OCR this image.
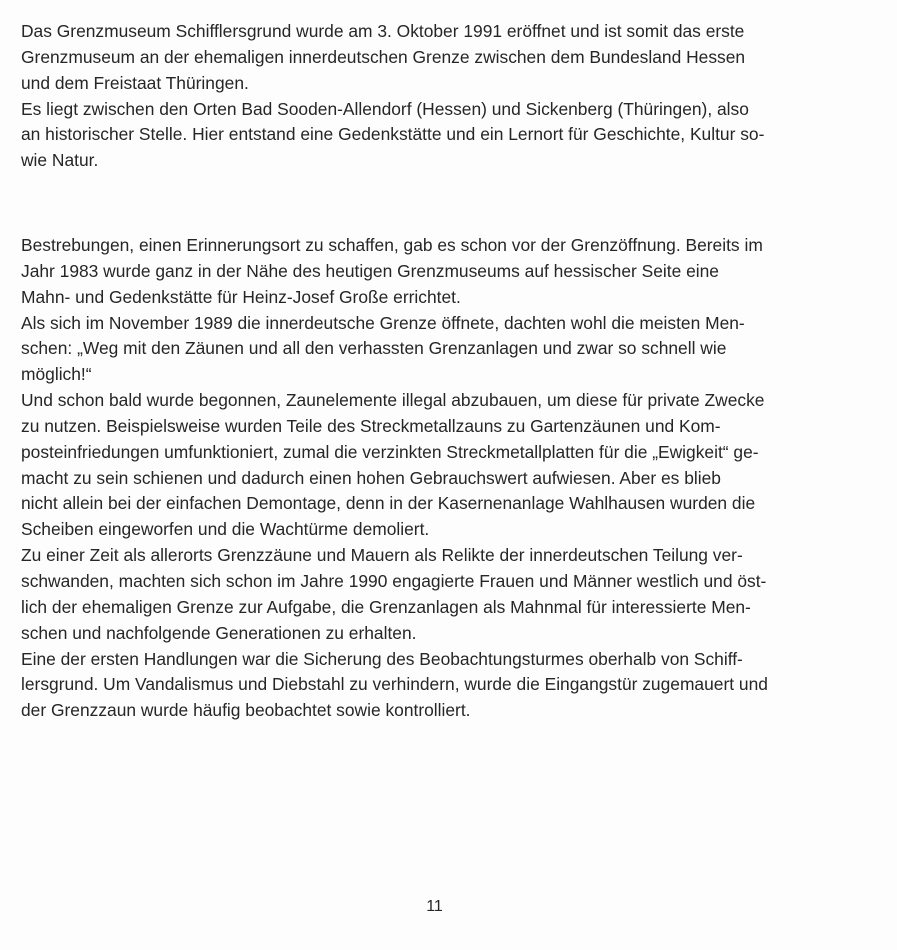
Das Grenzmuseum Schifflersgrund wurde am 3. Oktober 1991 eröffnet und ist somit das erste
Grenzmuseum an der ehemaligen innerdeutschen Grenze zwischen dem Bundesland Hessen
und dem Freistaat Thüringen.
Es liegt zwischen den Orten Bad Sooden-Allendorf (Hessen) und Sickenberg (Thüringen), also
an historischer Stelle. Hier entstand eine Gedenkstätte und ein Lernort für Geschichte, Kultur so-
wie Natur.
Bestrebungen, einen Erinnerungsort zu schaffen, gab es schon vor der Grenzöffnung. Bereits im
Jahr 1983 wurde ganz in der Nähe des heutigen Grenzmuseums auf hessischer Seite eine
Mahn- und Gedenkstätte für Heinz-Josef Große errichtet.
Als sich im November 1989 die innerdeutsche Grenze öffnete, dachten wohl die meisten Men-
schen: „Weg mit den Zäunen und all den verhassten Grenzanlagen und zwar so schnell wie
möglich!“
Und schon bald wurde begonnen, Zaunelemente illegal abzubauen, um diese für private Zwecke
zu nutzen. Beispielsweise wurden Teile des Streckmetallzauns zu Gartenzäunen und Kom-
posteinfriedungen umfunktioniert, zumal die verzinkten Streckmetallplatten für die „Ewigkeit“ ge-
macht zu sein schienen und dadurch einen hohen Gebrauchswert aufwiesen. Aber es blieb
nicht allein bei der einfachen Demontage, denn in der Kasernenanlage Wahlhausen wurden die
Scheiben eingeworfen und die Wachtürme demoliert.
Zu einer Zeit als allerorts Grenzzäune und Mauern als Relikte der innerdeutschen Teilung ver-
schwanden, machten sich schon im Jahre 1990 engagierte Frauen und Männer westlich und öst-
lich der ehemaligen Grenze zur Aufgabe, die Grenzanlagen als Mahnmal für interessierte Men-
schen und nachfolgende Generationen zu erhalten.
Eine der ersten Handlungen war die Sicherung des Beobachtungsturmes oberhalb von Schiff-
lersgrund. Um Vandalismus und Diebstahl zu verhindern, wurde die Eingangstür zugemauert und
der Grenzzaun wurde häufig beobachtet sowie kontrolliert.
11
